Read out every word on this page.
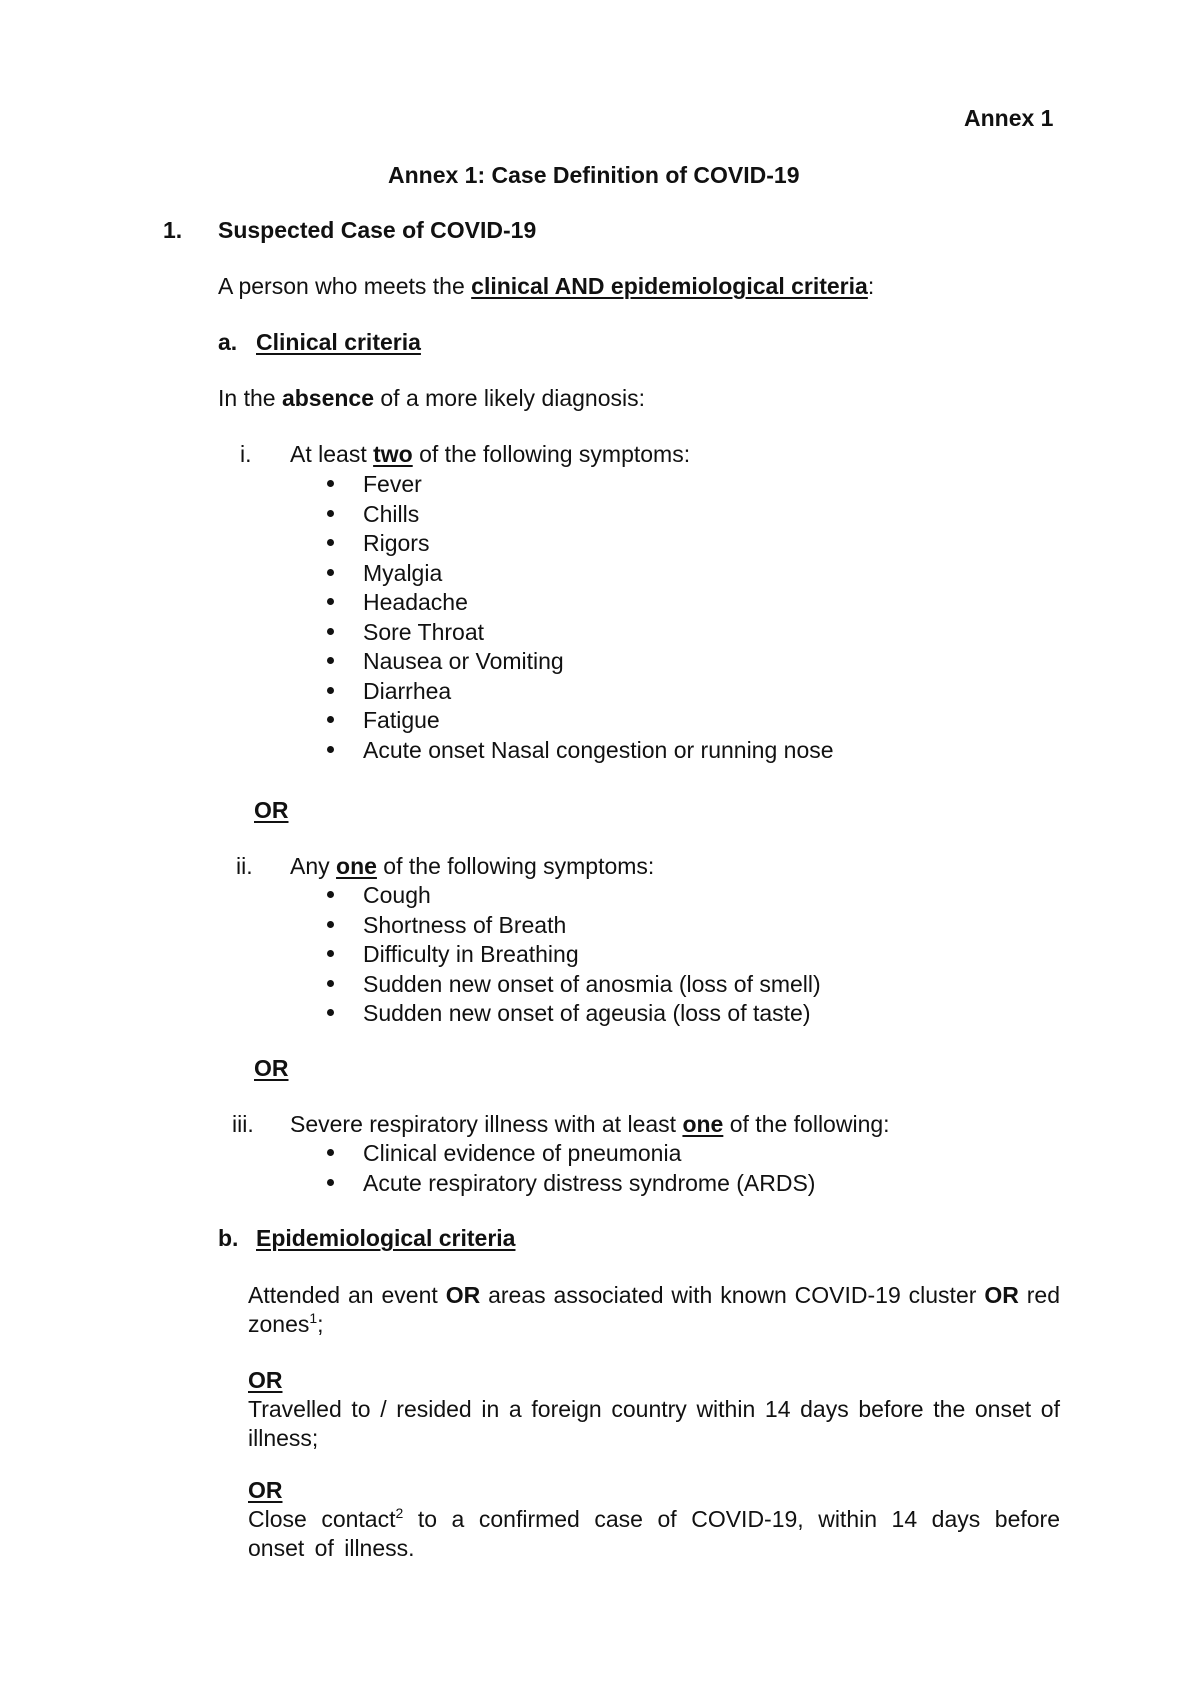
Annex 1
Annex 1: Case Definition of COVID-19
1. Suspected Case of COVID-19
A person who meets the clinical AND epidemiological criteria:
a. Clinical criteria
In the absence of a more likely diagnosis:
i. At least two of the following symptoms:
Fever
Chills
Rigors
Myalgia
Headache
Sore Throat
Nausea or Vomiting
Diarrhea
Fatigue
Acute onset Nasal congestion or running nose
OR
ii. Any one of the following symptoms:
Cough
Shortness of Breath
Difficulty in Breathing
Sudden new onset of anosmia (loss of smell)
Sudden new onset of ageusia (loss of taste)
OR
iii. Severe respiratory illness with at least one of the following:
Clinical evidence of pneumonia
Acute respiratory distress syndrome (ARDS)
b. Epidemiological criteria
Attended an event OR areas associated with known COVID-19 cluster OR red zones$^1$;
OR
Travelled to / resided in a foreign country within 14 days before the onset of illness;
OR
Close contact$^2$ to a confirmed case of COVID-19, within 14 days before onset of illness.
